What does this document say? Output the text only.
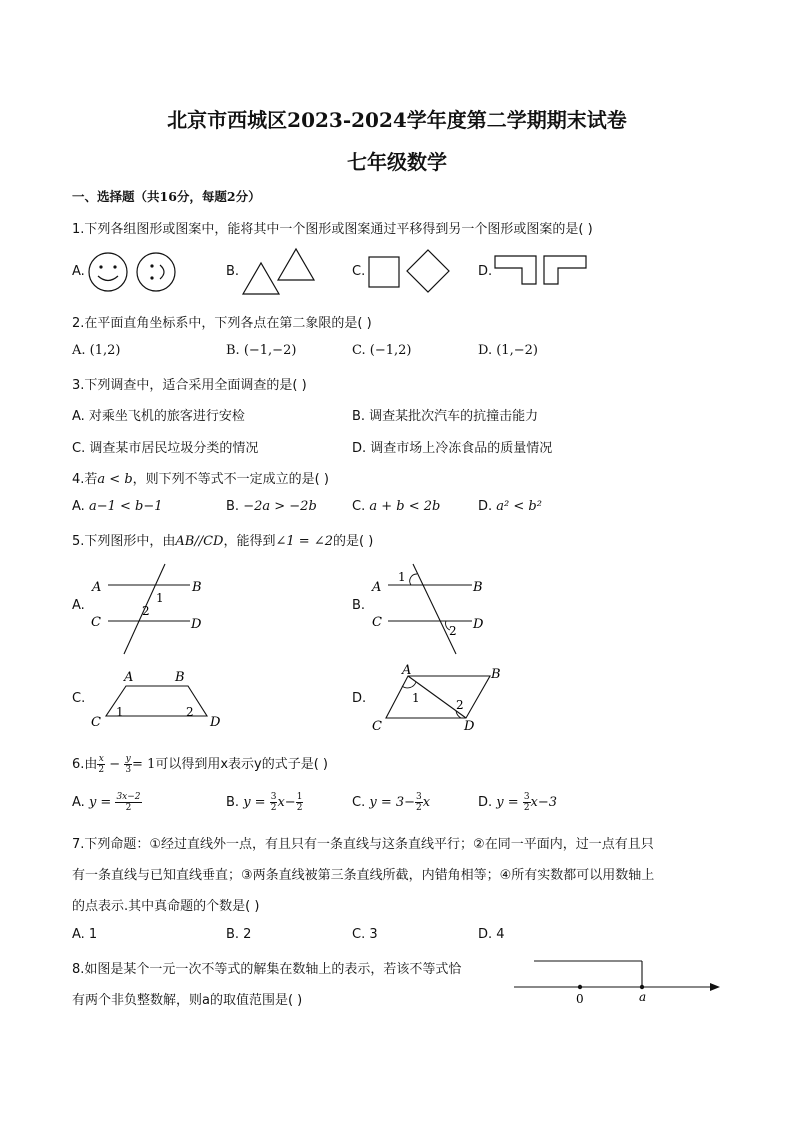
北京市西城区2023-2024学年度第二学期期末试卷
七年级数学
一、选择题（共16分，每题2分）
1.下列各组图形或图案中，能将其中一个图形或图案通过平移得到另一个图形或图案的是( )
A.	B.	C.	D.
2.在平面直角坐标系中，下列各点在第二象限的是( )
A. (1,2)	B. (−1,−2)	C. (−1,2)	D. (1,−2)
3.下列调查中，适合采用全面调查的是( )
A. 对乘坐飞机的旅客进行安检	B. 调查某批次汽车的抗撞击能力
C. 调查某市居民垃圾分类的情况	D. 调查市场上冷冻食品的质量情况
4.若a < b，则下列不等式不一定成立的是( )
A. a−1 < b−1	B. −2a > −2b	C. a + b < 2b	D. a² < b²
5.下列图形中，由AB//CD，能得到∠1 = ∠2的是( )
A.
A	B
C	D
1
2	B.
A	B
C	D
1
2
C.
A	B
C	D
1	2
D.
A	B
C	D
1	2
6.由 $\frac{x}{2} - \frac{y}{3} = 1$可以得到用x表示y的式子是( )
A. $y = \frac{3x-2}{2}$	B. $y = \frac{3}{2} x- \frac{1}{2}$	C. $y = 3- \frac{3}{2}$ x	D. $y = \frac{3}{2} x-3$
7.下列命题：①经过直线外一点，有且只有一条直线与这条直线平行；②在同一平面内，过一点有且只
有一条直线与已知直线垂直；③两条直线被第三条直线所截，内错角相等；④所有实数都可以用数轴上
的点表示.其中真命题的个数是( )
A. 1	B. 2	C. 3	D. 4
8.如图是某个一元一次不等式的解集在数轴上的表示，若该不等式恰
有两个非负整数解，则a的取值范围是( )	0	a
